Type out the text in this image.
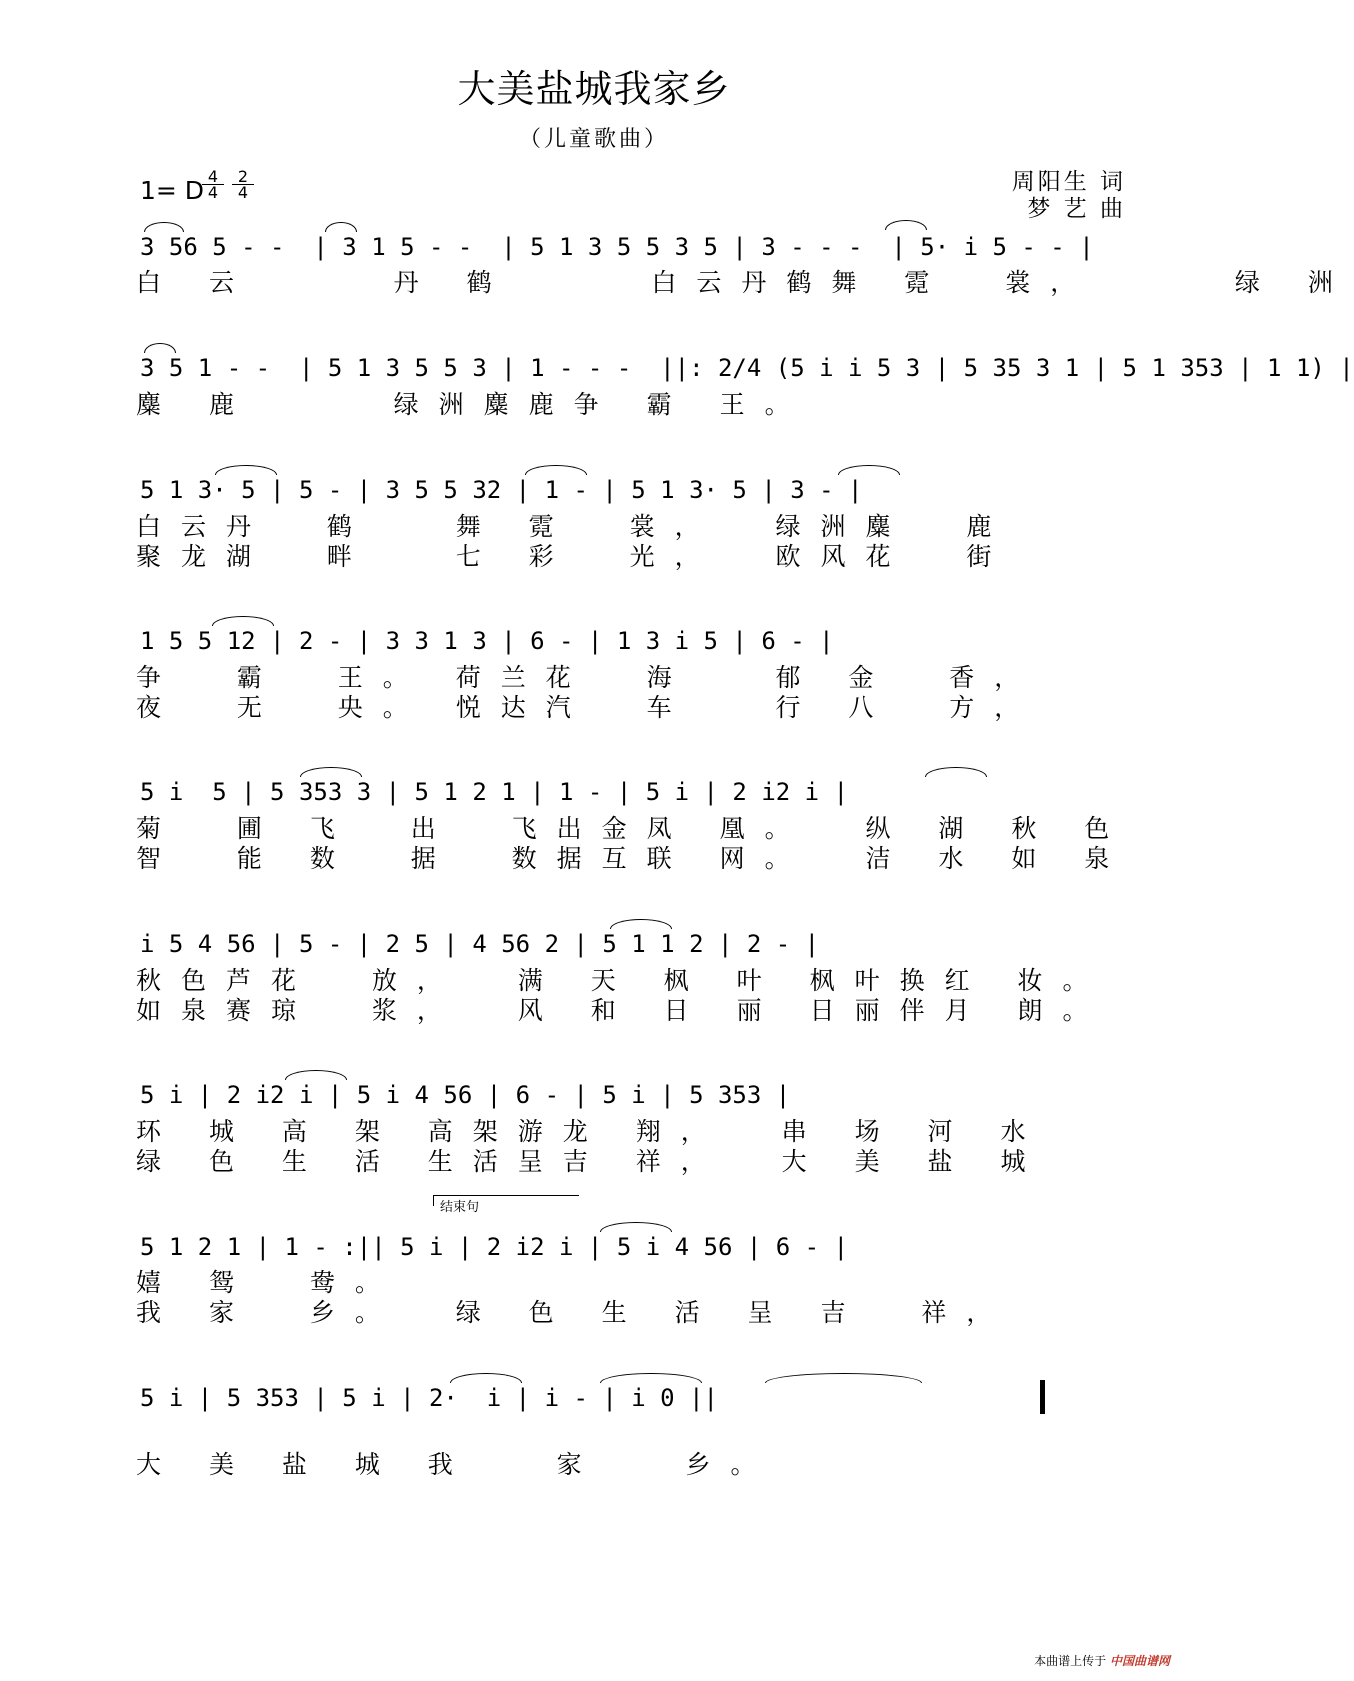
大美盐城我家乡
（儿童歌曲）
1= D 4
4
2
4	周阳生 词
梦 艺 曲
3 56 5 - -  | 3 1 5 - -  | 5 1 3 5 5 3 5 | 3 - - -  | 5· i 5 - - |
白 云     丹 鹤     白云丹鹤舞 霓  裳，     绿 洲
3 5 1 - -  | 5 1 3 5 5 3 | 1 - - -  ||: 2/4 (5 i i 5 3 | 5 35 3 1 | 5 1 353 | 1 1) |
麋 鹿     绿洲麋鹿争 霸 王。
5 1 3· 5 | 5 - | 3 5 5 32 | 1 - | 5 1 3· 5 | 3 - |
白云丹  鹤   舞 霓  裳，  绿洲麋  鹿
聚龙湖  畔   七 彩  光，  欧风花  街
1 5 5 12 | 2 - | 3 3 1 3 | 6 - | 1 3 i 5 | 6 - |
争  霸  王。 荷兰花  海   郁 金  香，
夜  无  央。 悦达汽  车   行 八  方，
5 i  5 | 5 353 3 | 5 1 2 1 | 1 - | 5 i | 2 i2 i |
菊  圃 飞  出  飞出金凤 凰。  纵 湖 秋 色
智  能 数  据  数据互联 网。  洁 水 如 泉
i 5 4 56 | 5 - | 2 5 | 4 56 2 | 5 1 1 2 | 2 - |
秋色芦花  放，  满 天 枫 叶 枫叶换红 妆。
如泉赛琼  浆，  风 和 日 丽 日丽伴月 朗。
5 i | 2 i2 i | 5 i 4 56 | 6 - | 5 i | 5 353 |
环 城 高 架 高架游龙 翔，  串 场 河 水
绿 色 生 活 生活呈吉 祥，  大 美 盐 城
结束句
5 1 2 1 | 1 - :|| 5 i | 2 i2 i | 5 i 4 56 | 6 - |
嬉 鸳  鸯。
我 家  乡。  绿 色 生 活 呈 吉  祥，
5 i | 5 353 | 5 i | 2·  i | i - | i 0 ||
大 美 盐 城 我   家   乡。
本曲谱上传于 中国曲谱网
